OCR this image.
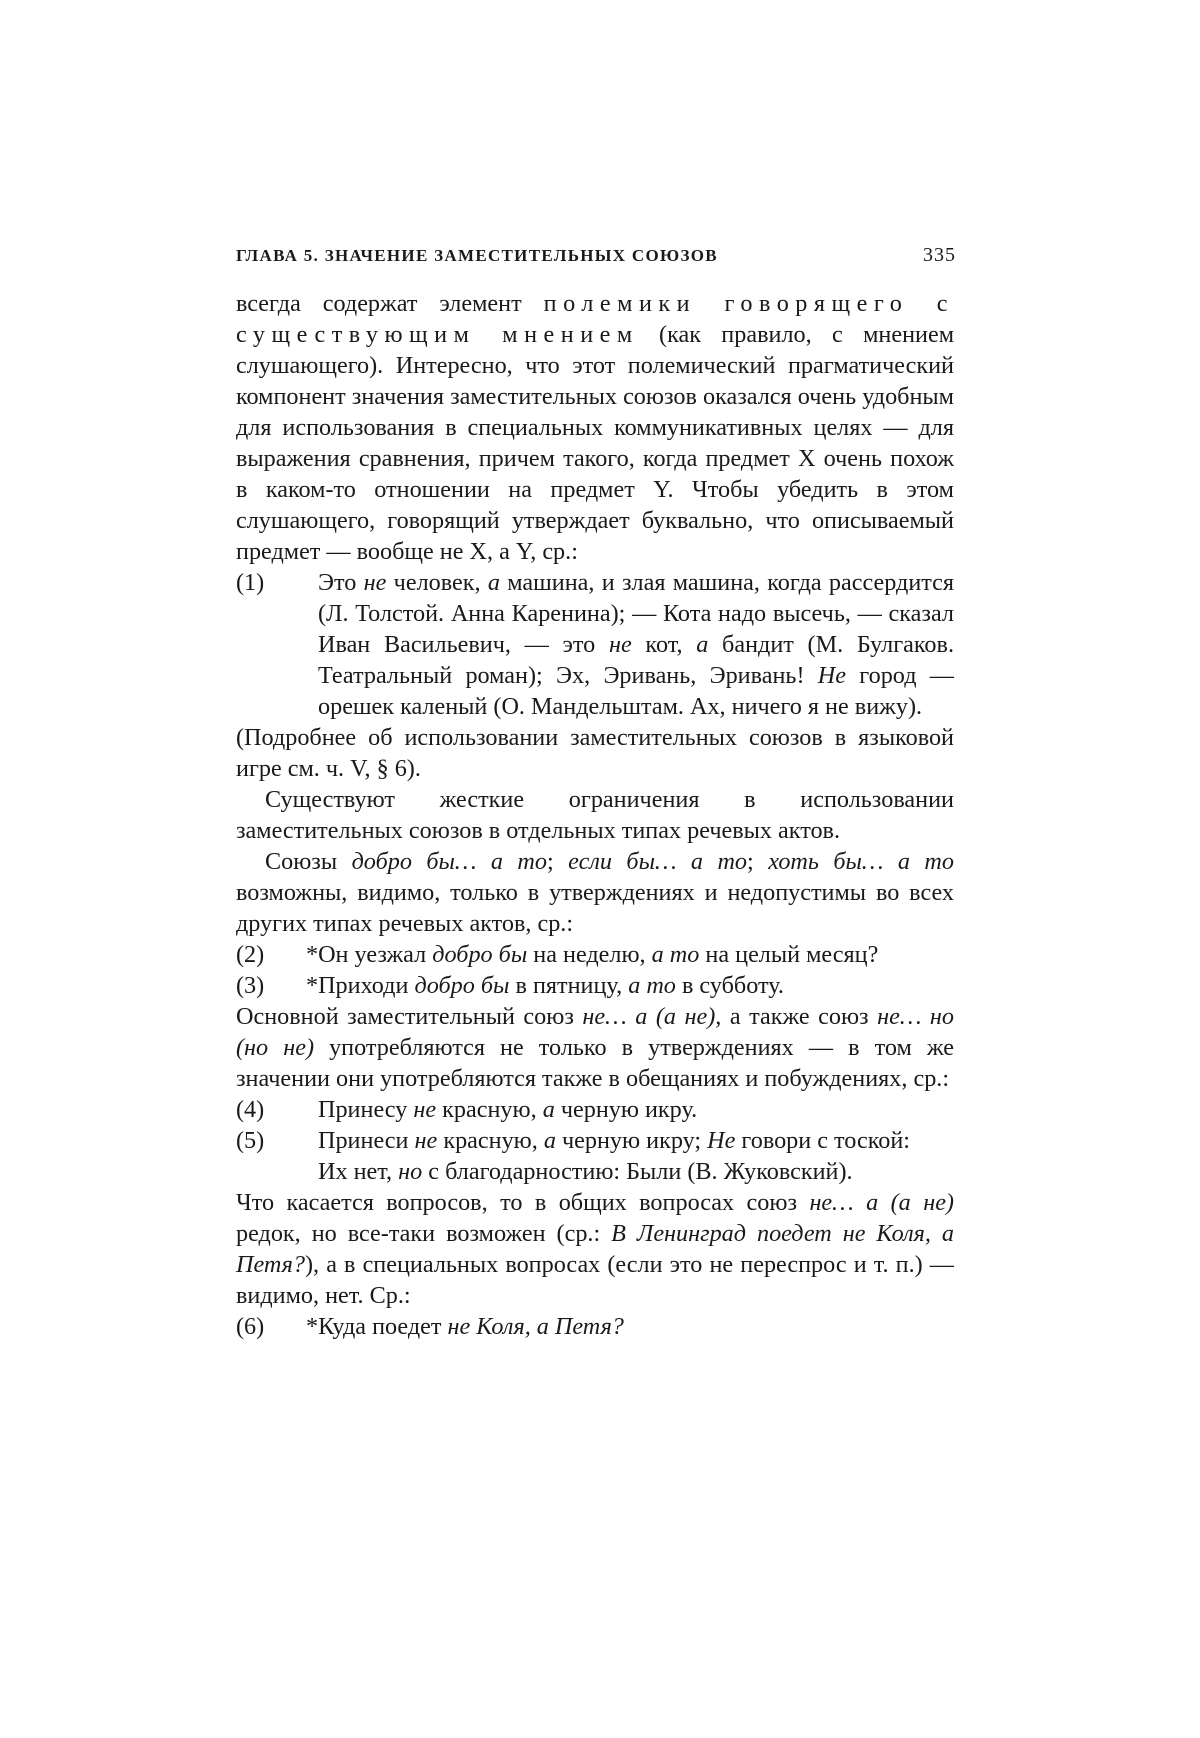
ГЛАВА 5. ЗНАЧЕНИЕ ЗАМЕСТИТЕЛЬНЫХ СОЮЗОВ	335

всегда содержат элемент полемики говорящего с существующим мнением (как правило, с мнением слушающего). Интересно, что этот полемический прагматический компонент значения заместительных союзов оказался очень удобным для использования в специальных коммуникативных целях — для выражения сравнения, причем такого, когда предмет X очень похож в каком-то отношении на предмет Y. Чтобы убедить в этом слушающего, говорящий утверждает буквально, что описываемый предмет — вообще не X, а Y, ср.:

(1)	Это не человек, а машина, и злая машина, когда рассердится (Л. Толстой. Анна Каренина); — Кота надо высечь, — сказал Иван Васильевич, — это не кот, а бандит (М. Булгаков. Театральный роман); Эх, Эривань, Эривань! Не город — орешек каленый (О. Мандельштам. Ах, ничего я не вижу).

(Подробнее об использовании заместительных союзов в языковой игре см. ч. V, § 6).

Существуют жесткие ограничения в использовании заместительных союзов в отдельных типах речевых актов.

Союзы добро бы… а то; если бы… а то; хоть бы… а то возможны, видимо, только в утверждениях и недопустимы во всех других типах речевых актов, ср.:

(2)	*Он уезжал добро бы на неделю, а то на целый месяц?
(3)	*Приходи добро бы в пятницу, а то в субботу.

Основной заместительный союз не… а (а не), а также союз не… но (но не) употребляются не только в утверждениях — в том же значении они употребляются также в обещаниях и побуждениях, ср.:

(4)	Принесу не красную, а черную икру.
(5)	Принеси не красную, а черную икру; Не говори с тоской:

Их нет, но с благодарностию: Были (В. Жуковский).

Что касается вопросов, то в общих вопросах союз не… а (а не) редок, но все-таки возможен (ср.: В Ленинград поедет не Коля, а Петя?), а в специальных вопросах (если это не переспрос и т. п.) — видимо, нет. Ср.:

(6)	*Куда поедет не Коля, а Петя?
